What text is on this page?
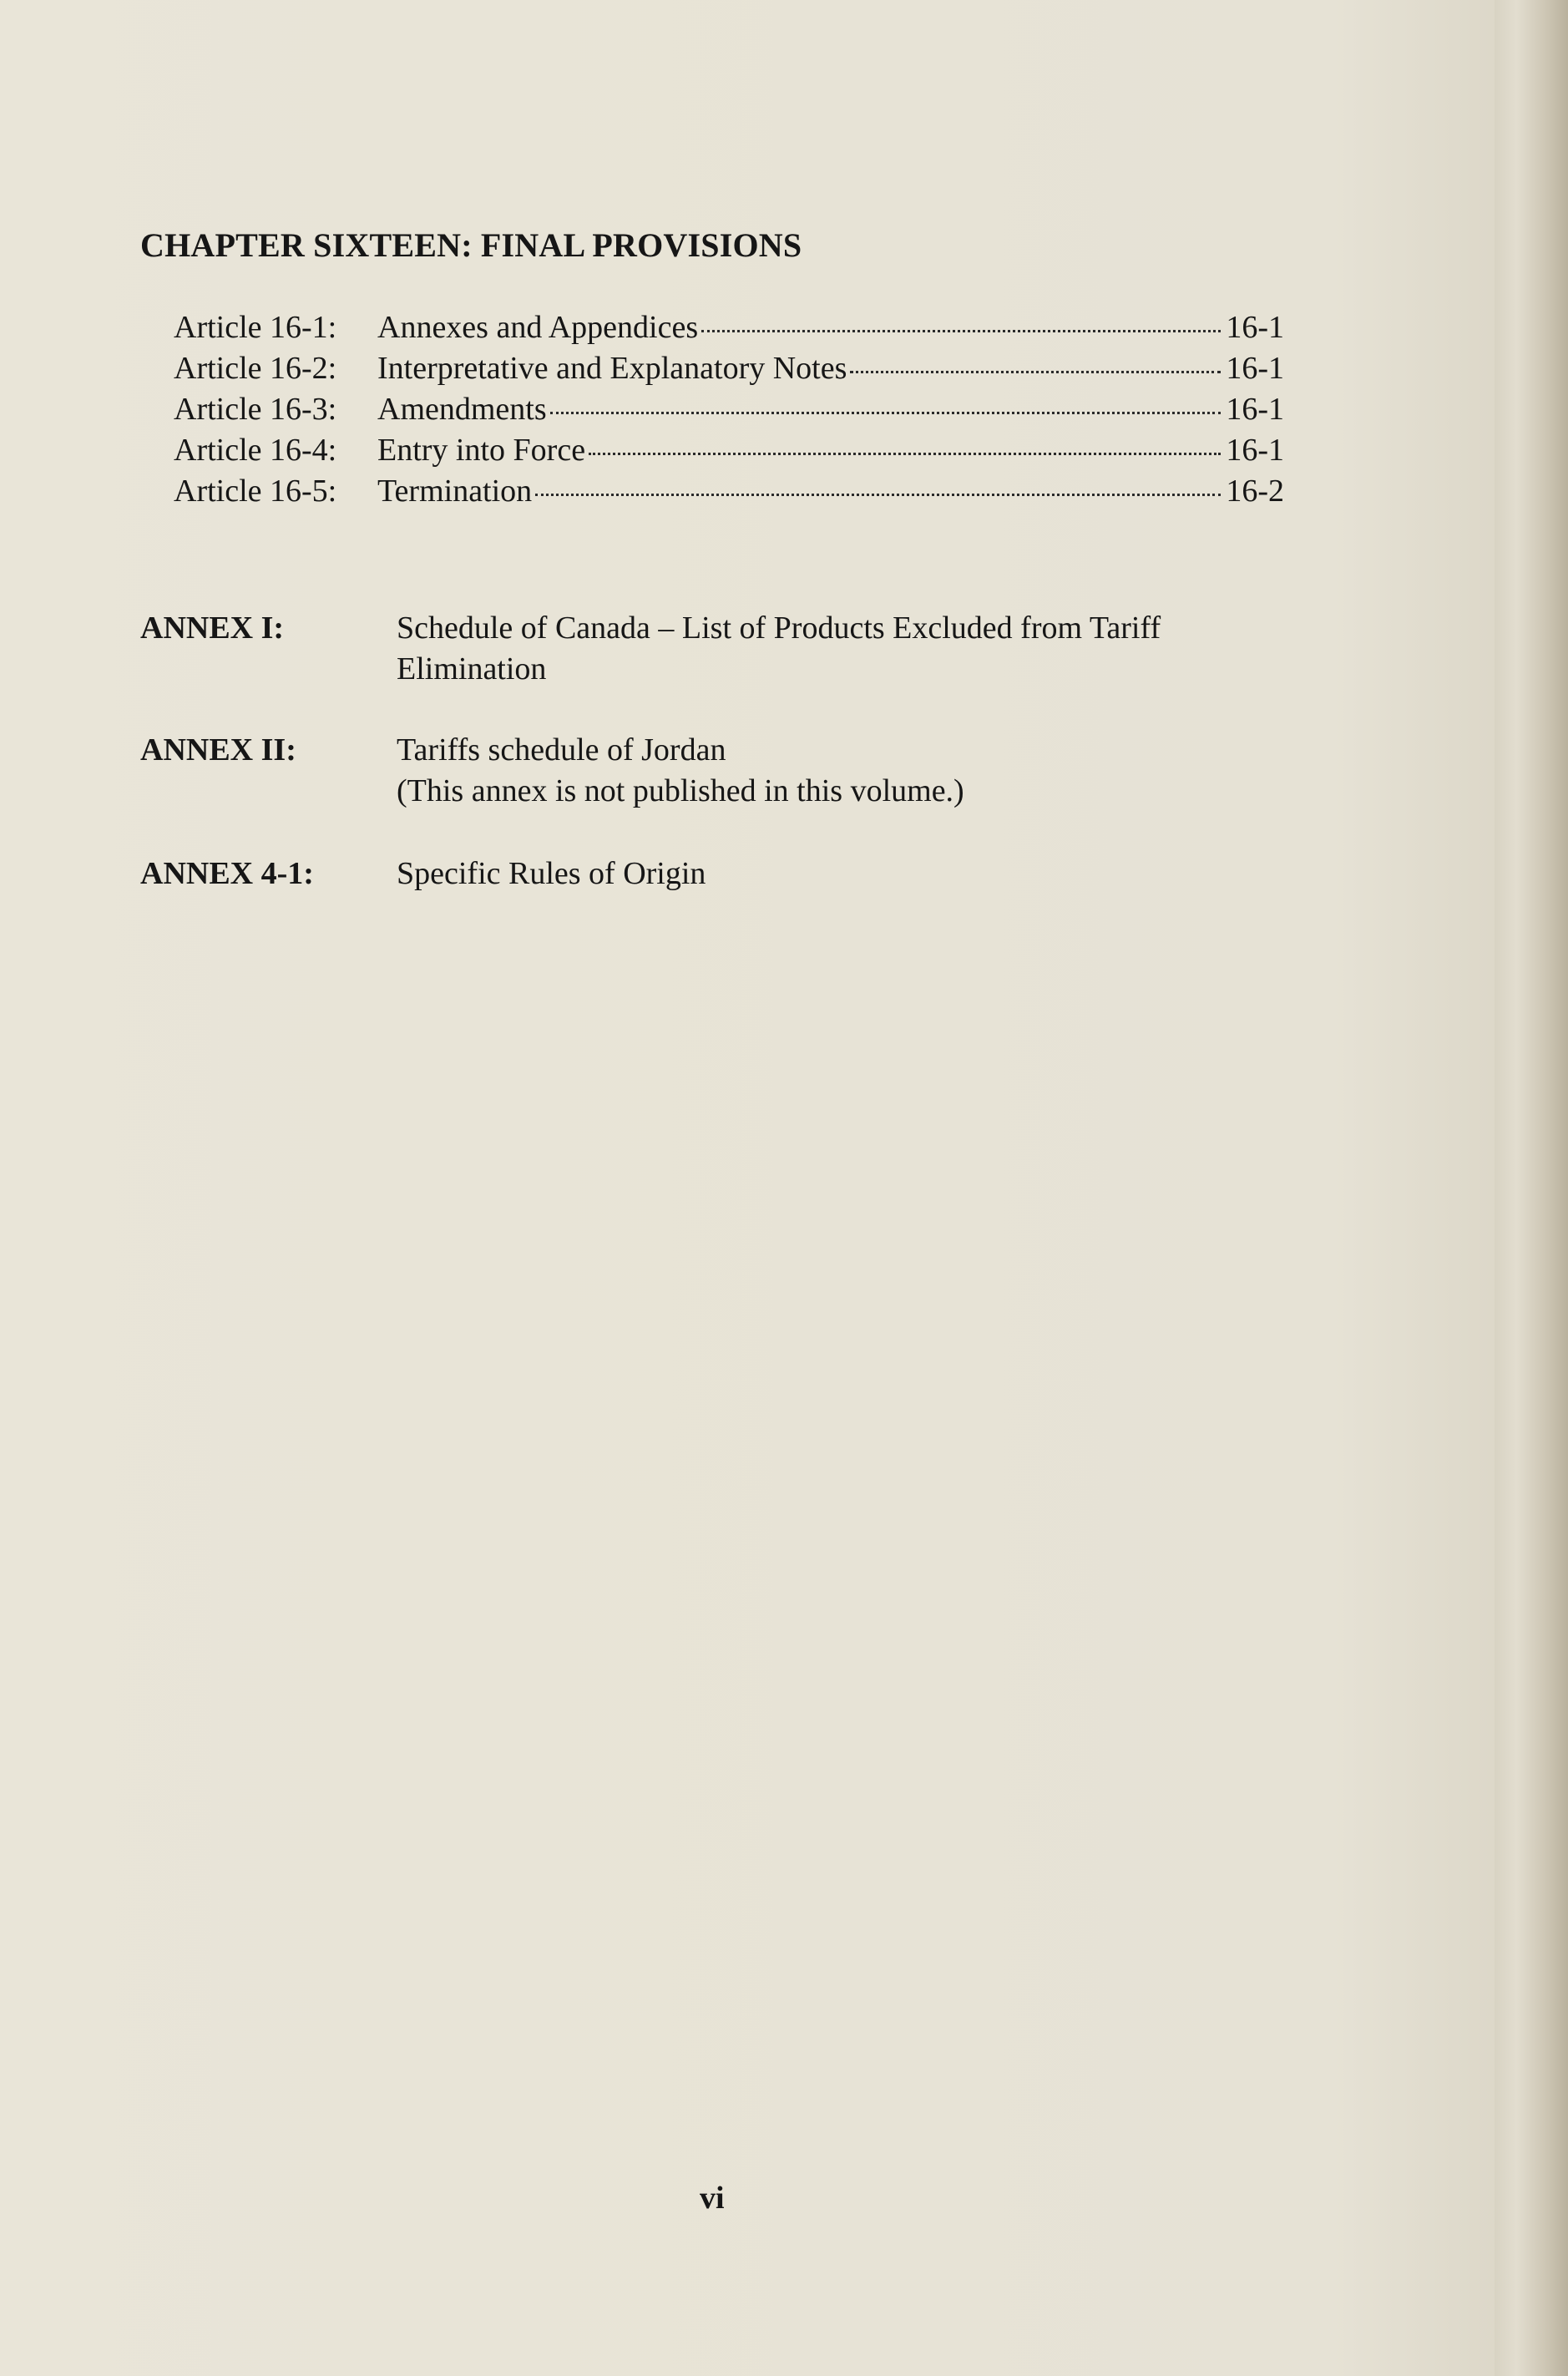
CHAPTER SIXTEEN: FINAL PROVISIONS
Article 16-1:	Annexes and Appendices	16-1
Article 16-2:	Interpretative and Explanatory Notes	16-1
Article 16-3:	Amendments	16-1
Article 16-4:	Entry into Force	16-1
Article 16-5:	Termination	16-2
ANNEX I:	Schedule of Canada – List of Products Excluded from Tariff
Elimination
ANNEX II:	Tariffs schedule of Jordan
(This annex is not published in this volume.)
ANNEX 4-1:	Specific Rules of Origin
vi
